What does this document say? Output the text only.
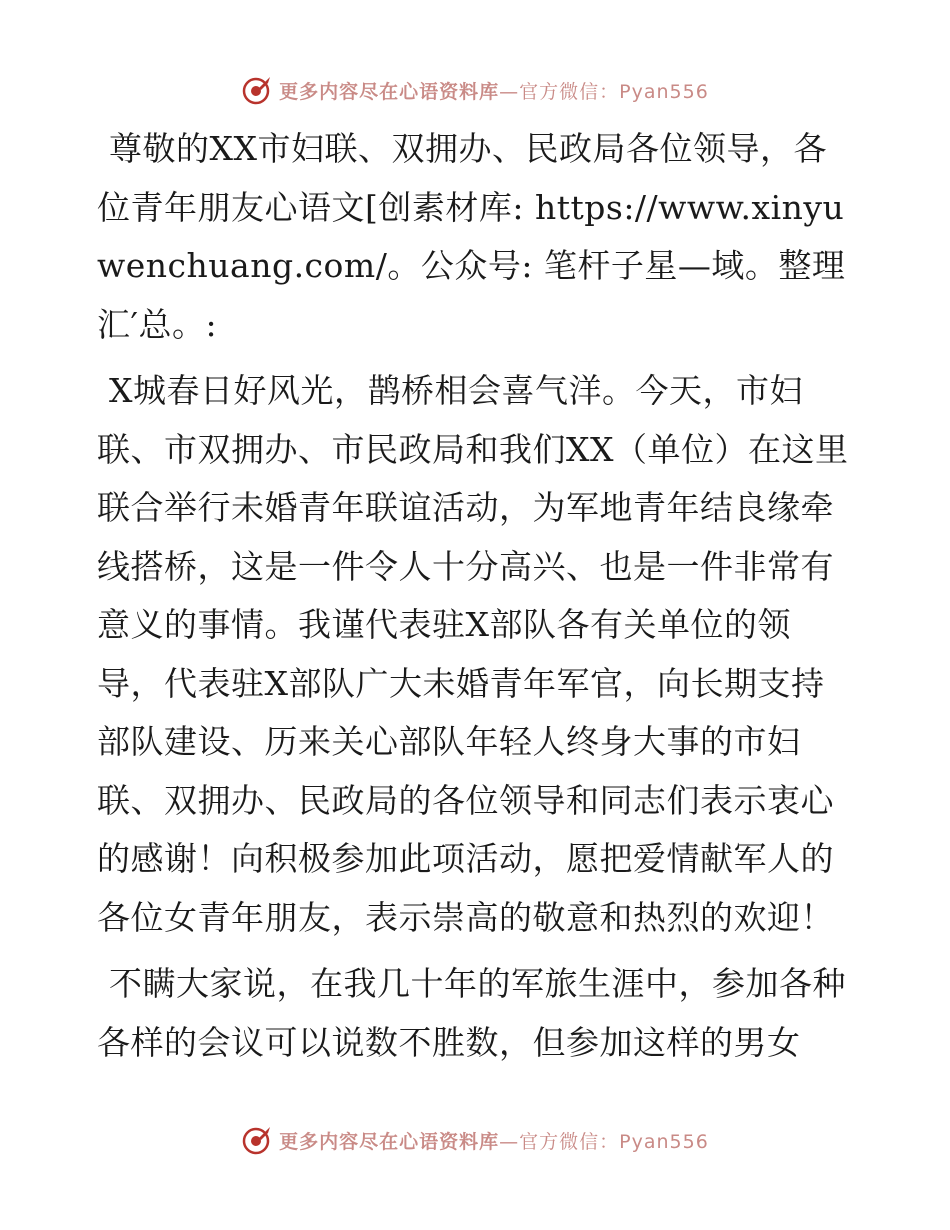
更多内容尽在心语资料库 —官方微信：Pyan556

尊敬的XX市妇联、双拥办、民政局各位领导，各位青年朋友心语文[创素材库: https://www.xinyuwenchuang.com/。公众号: 笔杆子星—域。整理汇′总。:

X城春日好风光，鹊桥相会喜气洋。今天，市妇联、市双拥办、市民政局和我们XX（单位）在这里联合举行未婚青年联谊活动，为军地青年结良缘牵线搭桥，这是一件令人十分高兴、也是一件非常有意义的事情。我谨代表驻X部队各有关单位的领导，代表驻X部队广大未婚青年军官，向长期支持部队建设、历来关心部队年轻人终身大事的市妇联、双拥办、民政局的各位领导和同志们表示衷心的感谢！向积极参加此项活动，愿把爱情献军人的各位女青年朋友，表示崇高的敬意和热烈的欢迎！

不瞒大家说，在我几十年的军旅生涯中，参加各种各样的会议可以说数不胜数，但参加这样的男女

更多内容尽在心语资料库 —官方微信：Pyan556
